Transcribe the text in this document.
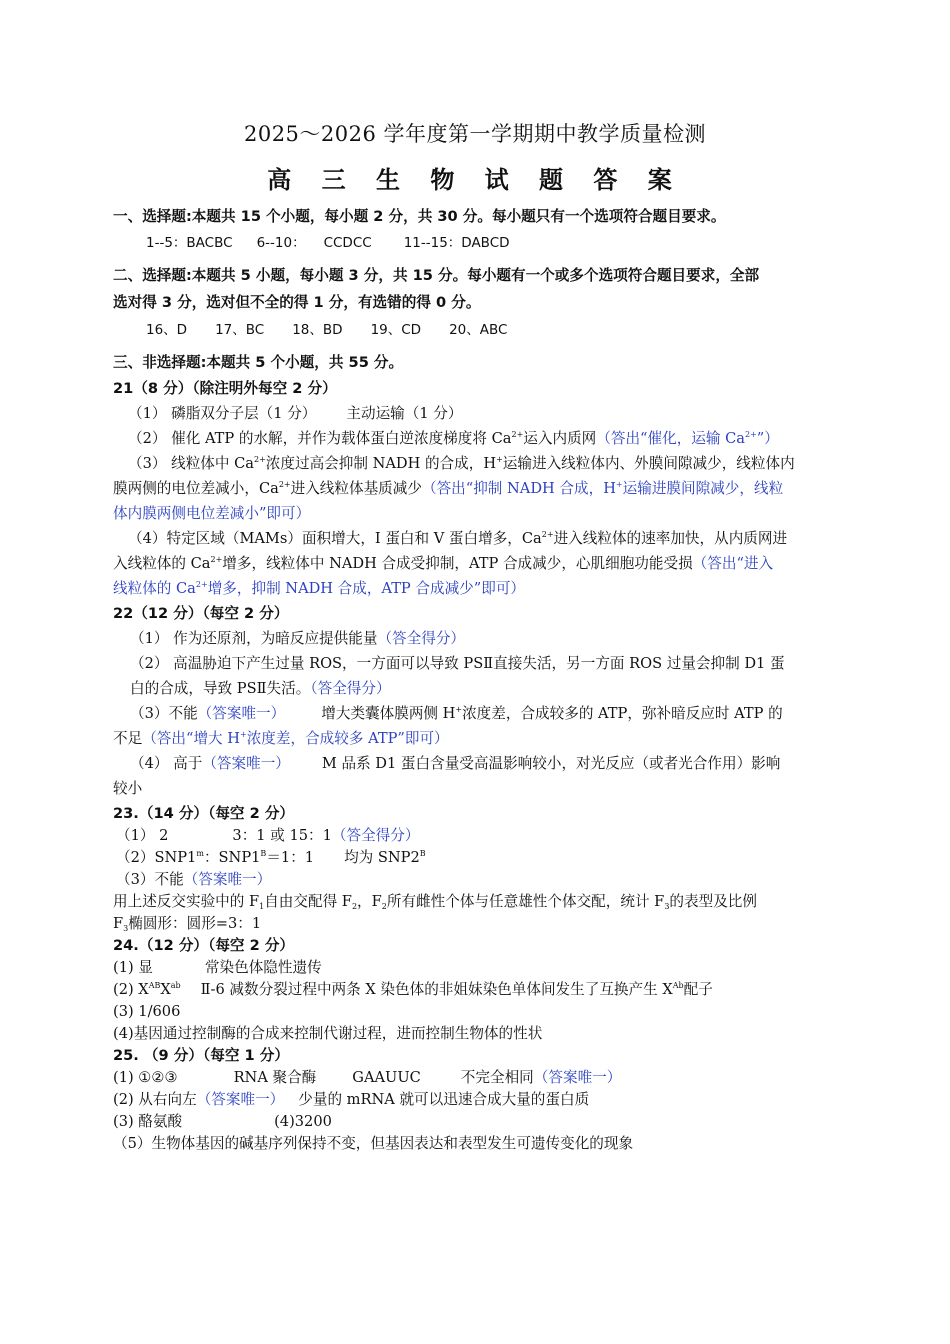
2025～2026 学年度第一学期期中教学质量检测
高 三 生 物 试 题 答 案
一、选择题:本题共 15 个小题，每小题 2 分，共 30 分。每小题只有一个选项符合题目要求。
1--5：BACBC 6--10： CCDCC 11--15：DABCD
二、选择题:本题共 5 小题，每小题 3 分，共 15 分。每小题有一个或多个选项符合题目要求，全部
选对得 3 分，选对但不全的得 1 分，有选错的得 0 分。
16、D 17、BC 18、BD 19、CD 20、ABC
三、非选择题:本题共 5 个小题，共 55 分。
21（8 分）（除注明外每空 2 分）
（1） 磷脂双分子层（1 分） 主动运输（1 分）
（2） 催化 ATP 的水解，并作为载体蛋白逆浓度梯度将 $Ca^{2+}$运入内质网（答出“催化，运输 $Ca^{2+}$”）
（3） 线粒体中 $Ca^{2+}$浓度过高会抑制 NADH 的合成，H+运输进入线粒体内、外膜间隙减少，线粒体内
膜两侧的电位差减小，$Ca^{2+}$进入线粒体基质减少（答出“抑制 NADH 合成，H+运输进膜间隙减少，线粒
体内膜两侧电位差减小”即可）
（4）特定区域（MAMs）面积增大，I 蛋白和 V 蛋白增多，$Ca^{2+}$进入线粒体的速率加快，从内质网进
入线粒体的 $Ca^{2+}$增多，线粒体中 NADH 合成受抑制，ATP 合成减少，心肌细胞功能受损（答出“进入
线粒体的 $Ca^{2+}$增多，抑制 NADH 合成，ATP 合成减少”即可）
22（12 分）（每空 2 分）
（1） 作为还原剂，为暗反应提供能量（答全得分）
（2） 高温胁迫下产生过量 ROS，一方面可以导致 PSⅡ直接失活，另一方面 ROS 过量会抑制 D1 蛋
白的合成，导致 PSⅡ失活。（答全得分）
（3）不能（答案唯一） 增大类囊体膜两侧 H+浓度差，合成较多的 ATP，弥补暗反应时 ATP 的
不足（答出“增大 H+浓度差，合成较多 ATP”即可）
（4） 高于（答案唯一） M 品系 D1 蛋白含量受高温影响较小，对光反应（或者光合作用）影响
较小
23.（14 分）（每空 2 分）
（1） 2	3：1 或 15：1（答全得分）
（2）SNP1$^m$：$SNP1^B=1$：1 均为 $SNP2^B$
（3）不能（答案唯一）
用上述反交实验中的 $F_1$自由交配得 $F_2$，$F_2$所有雌性个体与任意雄性个体交配，统计 $F_3$的表型及比例
$F_3$椭圆形：圆形=3：1
24.（12 分）（每空 2 分）
(1) 显	常染色体隐性遗传
(2) $X^{AB}X^{ab}$ Ⅱ-6 减数分裂过程中两条 X 染色体的非姐妹染色单体间发生了互换产生 $X^{Ab}$配子
(3) 1/606
(4)基因通过控制酶的合成来控制代谢过程，进而控制生物体的性状
25. （9 分）（每空 1 分）
(1) ①②③	RNA 聚合酶 GAAUUC	不完全相同（答案唯一）
(2) 从右向左（答案唯一） 少量的 mRNA 就可以迅速合成大量的蛋白质
(3) 酪氨酸	(4)3200
（5）生物体基因的碱基序列保持不变，但基因表达和表型发生可遗传变化的现象
